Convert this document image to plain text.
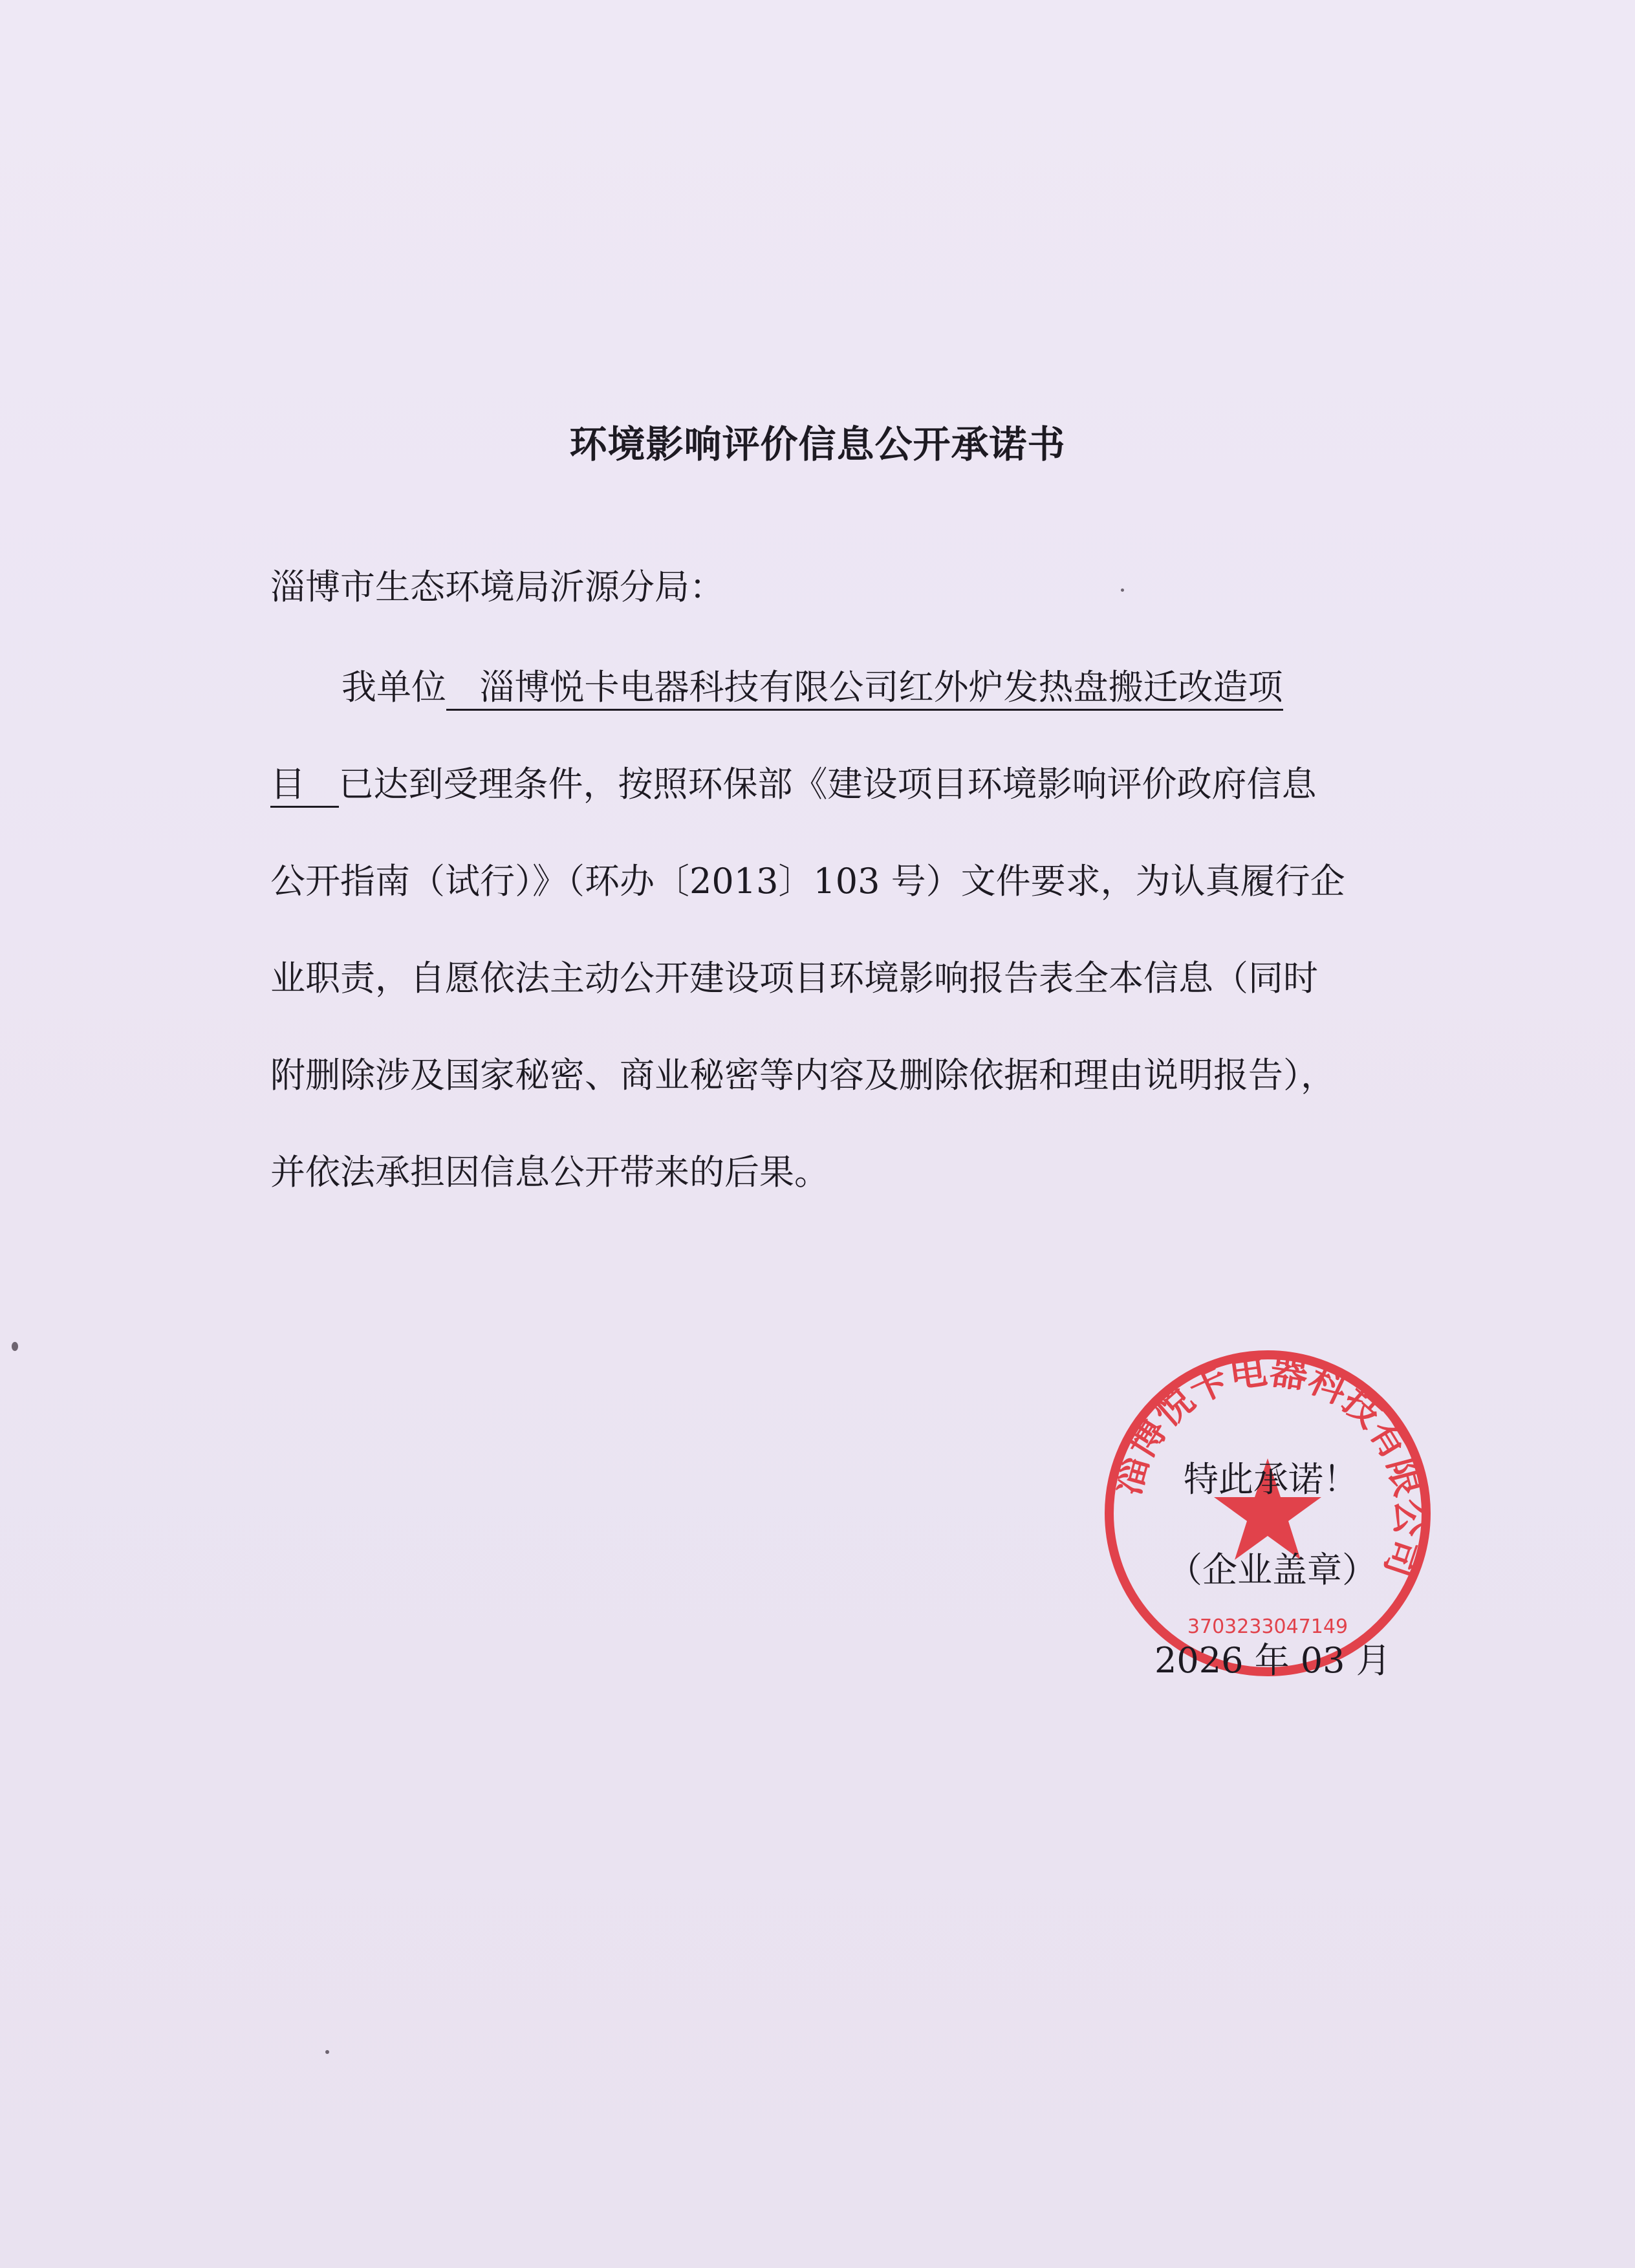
环境影响评价信息公开承诺书
淄博市生态环境局沂源分局：
我单位   淄博悦卡电器科技有限公司红外炉发热盘搬迁改造项
目   已达到受理条件，按照环保部《建设项目环境影响评价政府信息
公开指南（试行）》（环办〔2013〕103 号）文件要求，为认真履行企
业职责，自愿依法主动公开建设项目环境影响报告表全本信息（同时
附删除涉及国家秘密、商业秘密等内容及删除依据和理由说明报告），
并依法承担因信息公开带来的后果。
淄博悦卡电器科技有限公司
3703233047149
特此承诺！
（企业盖章）
2026 年 03 月
